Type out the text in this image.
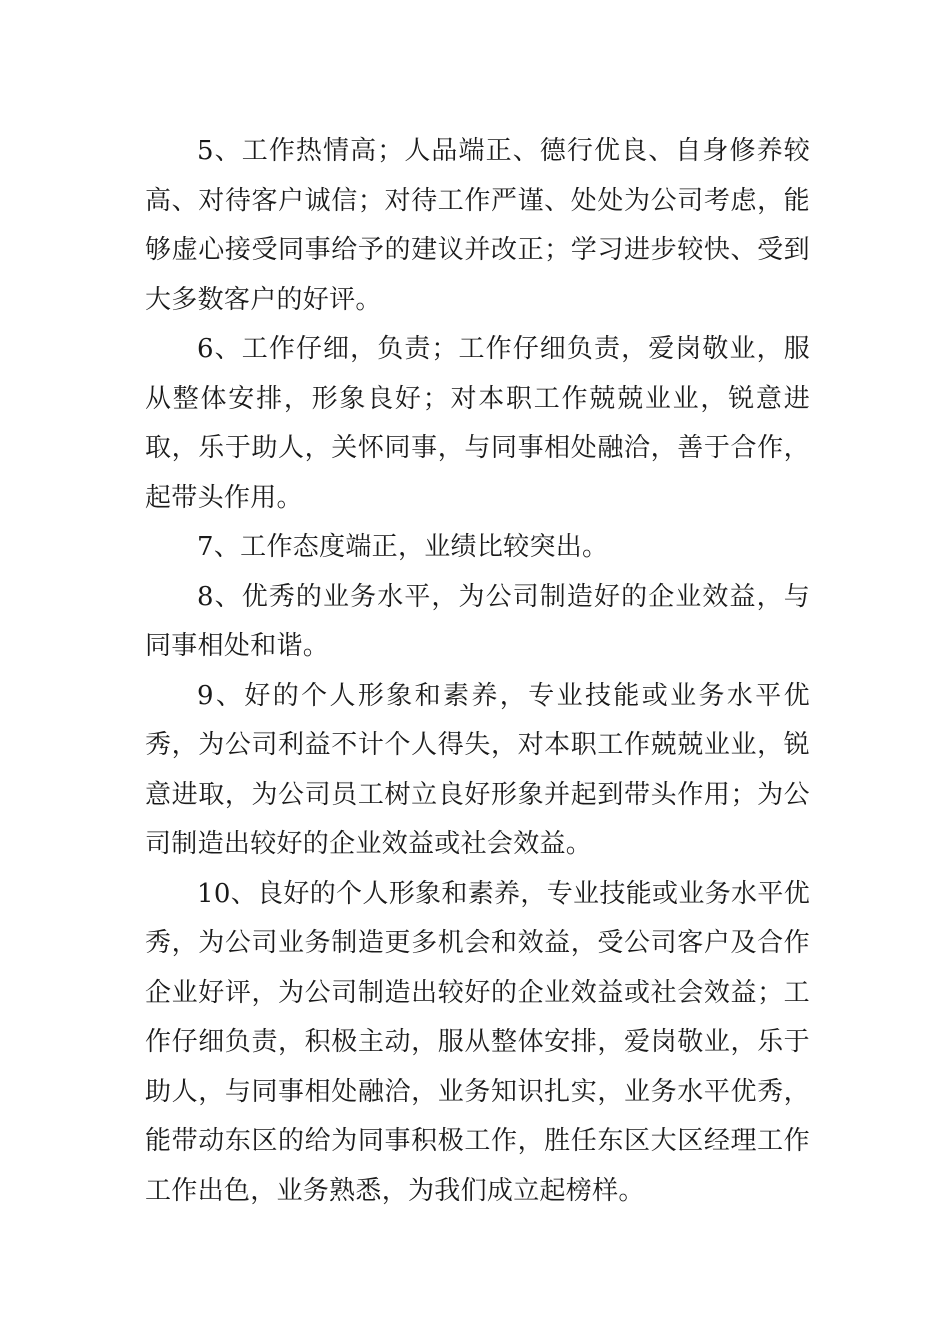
5、工作热情高；人品端正、德行优良、自身修养较高、对待客户诚信；对待工作严谨、处处为公司考虑，能够虚心接受同事给予的建议并改正；学习进步较快、受到大多数客户的好评。

6、工作仔细，负责；工作仔细负责，爱岗敬业，服从整体安排，形象良好；对本职工作兢兢业业，锐意进取，乐于助人，关怀同事，与同事相处融洽，善于合作，起带头作用。

7、工作态度端正，业绩比较突出。

8、优秀的业务水平，为公司制造好的企业效益，与同事相处和谐。

9、好的个人形象和素养，专业技能或业务水平优秀，为公司利益不计个人得失，对本职工作兢兢业业，锐意进取，为公司员工树立良好形象并起到带头作用；为公司制造出较好的企业效益或社会效益。

10、良好的个人形象和素养，专业技能或业务水平优秀，为公司业务制造更多机会和效益，受公司客户及合作企业好评，为公司制造出较好的企业效益或社会效益；工作仔细负责，积极主动，服从整体安排，爱岗敬业，乐于助人，与同事相处融洽，业务知识扎实，业务水平优秀，能带动东区的给为同事积极工作，胜任东区大区经理工作工作出色，业务熟悉，为我们成立起榜样。
